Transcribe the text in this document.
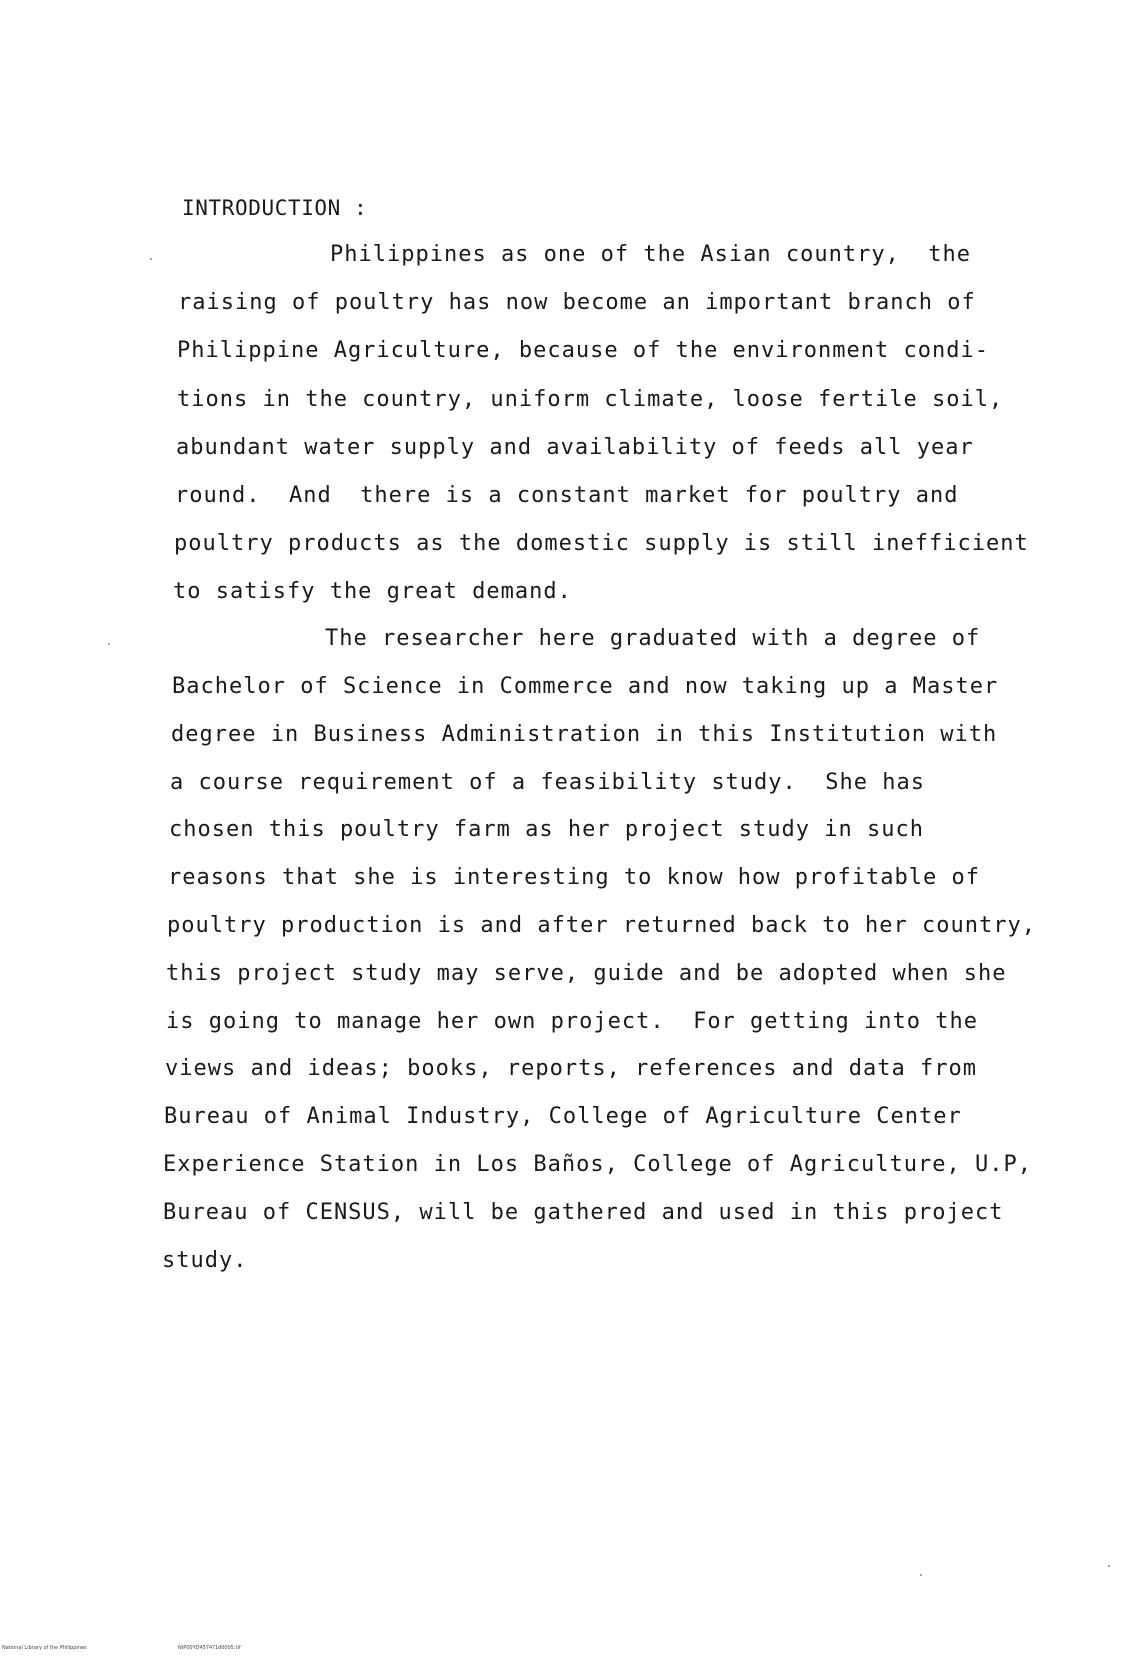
INTRODUCTION :
Philippines as one of the Asian country,  the
raising of poultry has now become an important branch of
Philippine Agriculture, because of the environment condi-
tions in the country, uniform climate, loose fertile soil,
abundant water supply and availability of feeds all year
round.  And  there is a constant market for poultry and
poultry products as the domestic supply is still inefficient
to satisfy the great demand.
The researcher here graduated with a degree of
Bachelor of Science in Commerce and now taking up a Master
degree in Business Administration in this Institution with
a course requirement of a feasibility study.  She has
chosen this poultry farm as her project study in such
reasons that she is interesting to know how profitable of
poultry production is and after returned back to her country,
this project study may serve, guide and be adopted when she
is going to manage her own project.  For getting into the
views and ideas; books, reports, references and data from
Bureau of Animal Industry, College of Agriculture Center
Experience Station in Los Baños, College of Agriculture, U.P,
Bureau of CENSUS, will be gathered and used in this project
study.
National Library of the Philippines	NIP00YD4574?1d0005.tif
